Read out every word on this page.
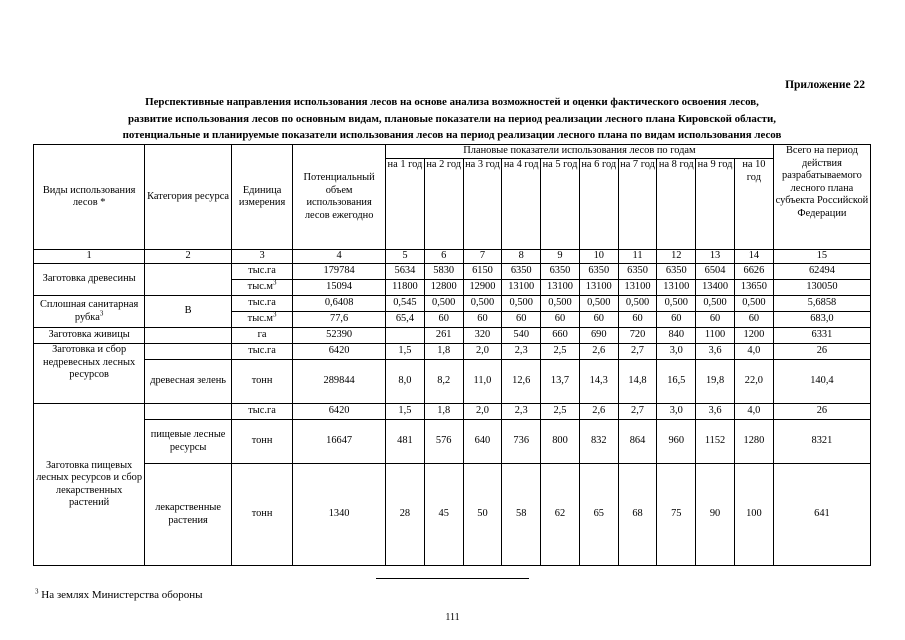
Приложение 22
Перспективные направления использования лесов на основе анализа возможностей и оценки фактического освоения лесов,
развитие использования лесов по основным видам, плановые показатели на период реализации лесного плана Кировской области,
потенциальные и планируемые показатели использования лесов на период реализации лесного плана по видам использования лесов
Виды использования лесов *	Категория ресурса	Единица измерения	Потенциальный объем использования лесов ежегодно	Плановые показатели использования лесов по годам										Всего на период действия разрабатываемого лесного плана субъекта Российской Федерации
				на 1 год	на 2 год	на 3 год	на 4 год	на 5 год	на 6 год	на 7 год	на 8 год	на 9 год	на 10 год	
1	2	3	4	5	6	7	8	9	10	11	12	13	14	15
Заготовка древесины		тыс.га	179784	5634	5830	6150	6350	6350	6350	6350	6350	6504	6626	62494
		$тыс.м^3$	15094	11800	12800	12900	13100	13100	13100	13100	13100	13400	13650	130050
Сплошная санитарная рубка$^3$	В	тыс.га	0,6408	0,545	0,500	0,500	0,500	0,500	0,500	0,500	0,500	0,500	0,500	5,6858
		$тыс.м^3$	77,6	65,4	60	60	60	60	60	60	60	60	60	683,0
Заготовка живицы		га	52390		261	320	540	660	690	720	840	1100	1200	6331
Заготовка и сбор недревесных лесных ресурсов		тыс.га	6420	1,5	1,8	2,0	2,3	2,5	2,6	2,7	3,0	3,6	4,0	26
	древесная зелень	тонн	289844	8,0	8,2	11,0	12,6	13,7	14,3	14,8	16,5	19,8	22,0	140,4
Заготовка пищевых лесных ресурсов и сбор лекарственных растений		тыс.га	6420	1,5	1,8	2,0	2,3	2,5	2,6	2,7	3,0	3,6	4,0	26
	пищевые лесные ресурсы	тонн	16647	481	576	640	736	800	832	864	960	1152	1280	8321
	лекарственные растения	тонн	1340	28	45	50	58	62	65	68	75	90	100	641
$^3$ На землях Министерства обороны
111
